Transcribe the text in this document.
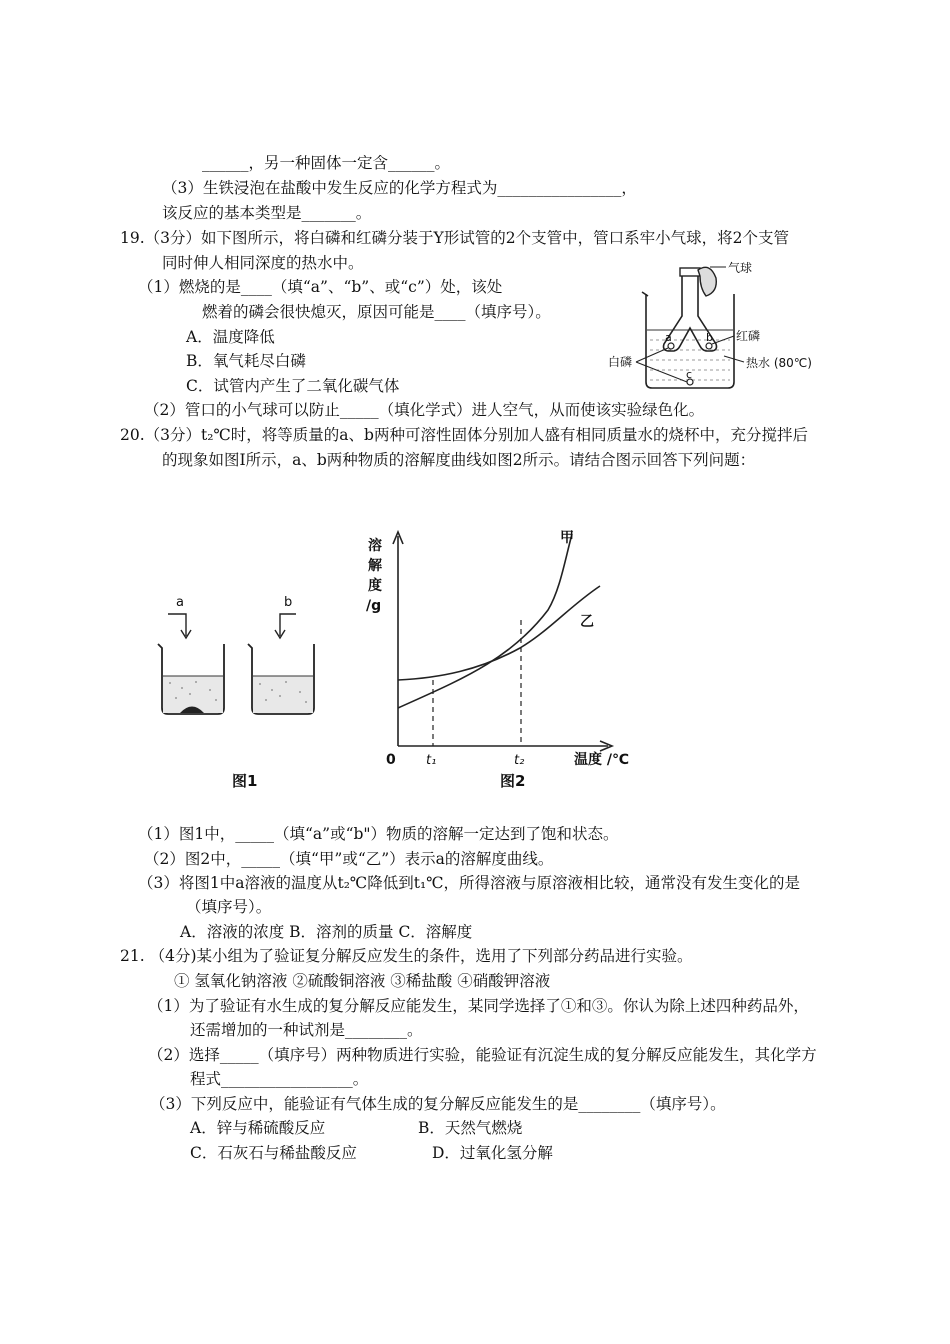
______，另一种固体一定含______。
（3）生铁浸泡在盐酸中发生反应的化学方程式为________________，
该反应的基本类型是_______。
19.（3分）如下图所示，将白磷和红磷分装于Y形试管的2个支管中，管口系牢小气球，将2个支管
同时伸人相同深度的热水中。
（1）燃烧的是____（填“a”、“b”、或“c”）处，该处
燃着的磷会很快熄灭，原因可能是____（填序号）。
A．温度降低
B．氧气耗尽白磷
C．试管内产生了二氧化碳气体
（2）管口的小气球可以防止_____（填化学式）进人空气，从而使该实验绿色化。
20.（3分）t₂℃时，将等质量的a、b两种可溶性固体分别加人盛有相同质量水的烧杯中，充分搅拌后
的现象如图I所示，a、b两种物质的溶解度曲线如图2所示。请结合图示回答下列问题：
（1）图1中，_____（填“a”或“b"）物质的溶解一定达到了饱和状态。
（2）图2中，_____（填“甲”或“乙”）表示a的溶解度曲线。
（3）将图1中a溶液的温度从t₂℃降低到t₁℃，所得溶液与原溶液相比较，通常没有发生变化的是
（填序号）。
A．溶液的浓度 B．溶剂的质量 C．溶解度
21. （4分)某小组为了验证复分解反应发生的条件，选用了下列部分药品进行实验。
① 氢氧化钠溶液 ②硫酸铜溶液 ③稀盐酸 ④硝酸钾溶液
（1）为了验证有水生成的复分解反应能发生，某同学选择了①和③。你认为除上述四种药品外，
还需增加的一种试剂是________。
（2）选择_____（填序号）两种物质进行实验，能验证有沉淀生成的复分解反应能发生，其化学方
程式_________________。
（3）下列反应中，能验证有气体生成的复分解反应能发生的是________（填序号）。
A．锌与稀硫酸反应	B．天然气燃烧
C．石灰石与稀盐酸反应	D．过氧化氢分解
气球
a	b
c
红磷
热水 (80℃)
白磷
a	b
图1
溶
解
度
/g
0 t₁	t₂	温度 /℃
甲
乙
图2
